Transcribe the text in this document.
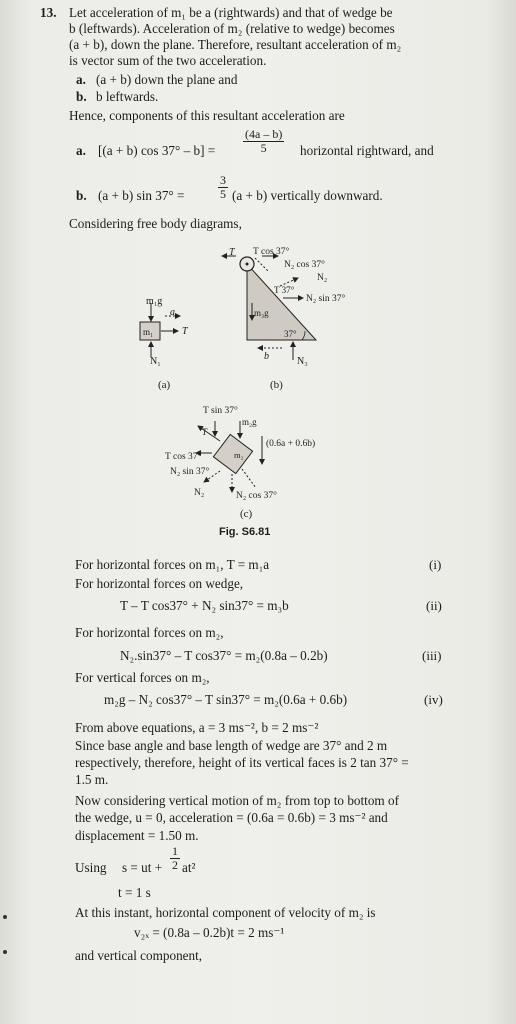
13. Let acceleration of m₁ be a (rightwards) and that of wedge be
b (leftwards). Acceleration of m₂ (relative to wedge) becomes
(a + b), down the plane. Therefore, resultant acceleration of m₂
is vector sum of the two acceleration.
a. (a + b) down the plane and
b. b leftwards.
Hence, components of this resultant acceleration are
a. [(a + b) $\cos 37^\circ - b] = \frac{(4a - b)}{5}$ horizontal rightward, and
b. (a + b) sin 37° =	$\frac{3}{5} (a + b)$ vertically downward.
Considering free body diagrams,
m₁g
a
m₁	T
N₁
T T cos 37°
N₂ cos 37°
N₂
T 37°
N₂ sin 37°
m₃g
37°
b	N₃
(a)	(b)
T sin 37°
m₂g
T
(0.6a + 0.6b)
T cos 37°	m₂
N₂ sin 37°
N₂	N₂ cos 37°
(c)
Fig. S6.81
For horizontal forces on m₁, T = m₁a	(i)
For horizontal forces on wedge,
T – T cos37° + N₂ sin37° = m₃b	(ii)
For horizontal forces on m₂,
N₂.sin37° – T cos37° = m₂(0.8a – 0.2b)	(iii)
For vertical forces on m₂,
m₂g – N₂ cos37° – T sin37° = m₂(0.6a + 0.6b)	(iv)
From above equations, a = 3 ms⁻², b = 2 ms⁻²
Since base angle and base length of wedge are 37° and 2 m
respectively, therefore, height of its vertical faces is 2 tan 37° =
1.5 m.
Now considering vertical motion of m₂ from top to bottom of
the wedge, u = 0, acceleration = (0.6a = 0.6b) = 3 ms⁻² and
displacement = 1.50 m.
Using s = ut + $\frac{1}{2} at^2$
t = 1 s
At this instant, horizontal component of velocity of m₂ is
v₂ₓ = (0.8a – 0.2b)t = 2 ms⁻¹
and vertical component,
